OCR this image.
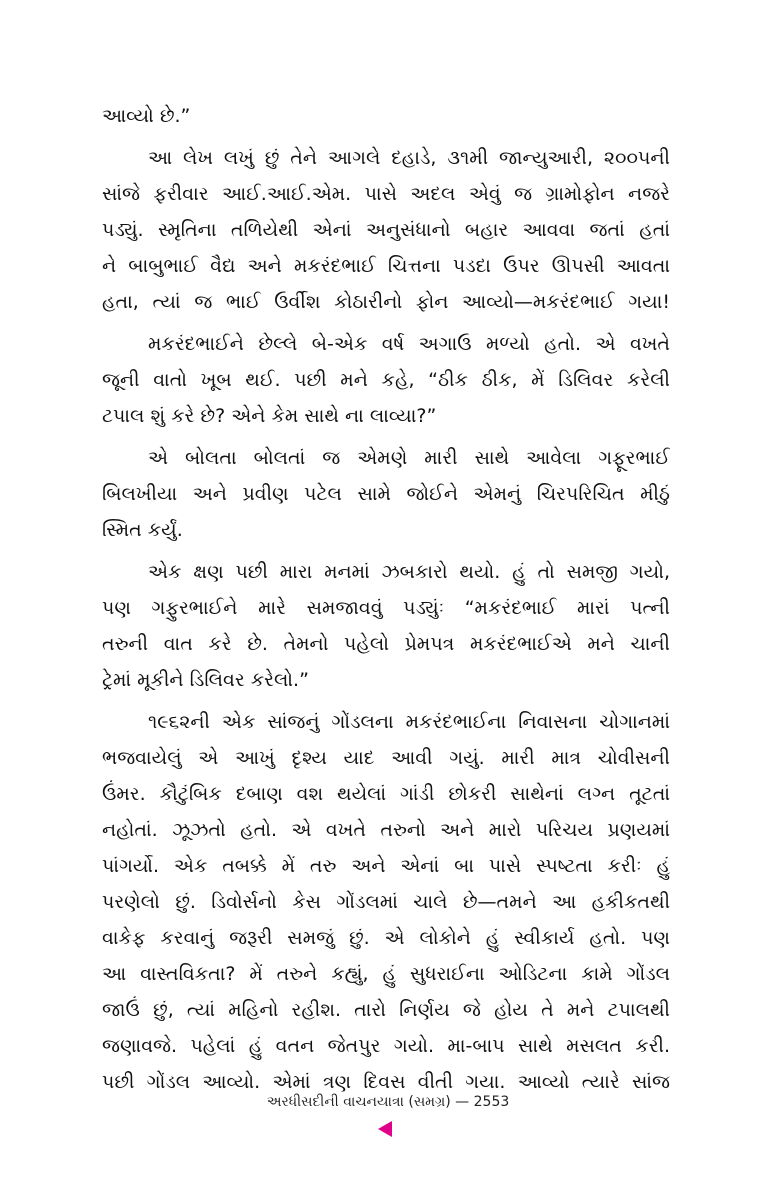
આવ્યો છે.”
આ લેખ લખું છું તેને આગલે દહાડે, ૩૧મી જાન્યુઆરી, ૨૦૦૫ની
સાંજે ફરીવાર આઈ.આઈ.એમ. પાસે અદલ એવું જ ગ્રામોફોન નજરે
પડ્યું. સ્મૃતિના તળિયેથી એનાં અનુસંધાનો બહાર આવવા જતાં હતાં
ને બાબુભાઈ વૈદ્ય અને મકરંદભાઈ ચિત્તના પડદા ઉપર ઊપસી આવતા
હતા, ત્યાં જ ભાઈ ઉર્વીશ કોઠારીનો ફોન આવ્યો—મકરંદભાઈ ગયા!
મકરંદભાઈને છેલ્લે બે-એક વર્ષ અગાઉ મળ્યો હતો. એ વખતે
જૂની વાતો ખૂબ થઈ. પછી મને કહે, “ઠીક ઠીક, મેં ડિલિવર કરેલી
ટપાલ શું કરે છે? એને કેમ સાથે ના લાવ્યા?”
એ બોલતા બોલતાં જ એમણે મારી સાથે આવેલા ગફૂરભાઈ
બિલખીયા અને પ્રવીણ પટેલ સામે જોઈને એમનું ચિરપરિચિત મીઠું
સ્મિત કર્યું.
એક ક્ષણ પછી મારા મનમાં ઝબકારો થયો. હું તો સમજી ગયો,
પણ ગફુરભાઈને મારે સમજાવવું પડ્યુંઃ “મકરંદભાઈ મારાં પત્ની
તરુની વાત કરે છે. તેમનો પહેલો પ્રેમપત્ર મકરંદભાઈએ મને ચાની
ટ્રેમાં મૂકીને ડિલિવર કરેલો.”
૧૯૬૨ની એક સાંજનું ગોંડલના મકરંદભાઈના નિવાસના ચોગાનમાં
ભજવાયેલું એ આખું દૃશ્ય યાદ આવી ગયું. મારી માત્ર ચોવીસની
ઉંમર. કૌટુંબિક દબાણ વશ થયેલાં ગાંડી છોકરી સાથેનાં લગ્ન તૂટતાં
નહોતાં. ઝૂઝતો હતો. એ વખતે તરુનો અને મારો પરિચય પ્રણયમાં
પાંગર્યો. એક તબક્કે મેં તરુ અને એનાં બા પાસે સ્પષ્ટતા કરીઃ હું
પરણેલો છું. ડિવોર્સનો કેસ ગોંડલમાં ચાલે છે—તમને આ હકીકતથી
વાકેફ કરવાનું જરૂરી સમજું છું. એ લોકોને હું સ્વીકાર્ય હતો. પણ
આ વાસ્તવિકતા? મેં તરુને કહ્યું, હું સુધરાઈના ઓડિટના કામે ગોંડલ
જાઉં છું, ત્યાં મહિનો રહીશ. તારો નિર્ણય જે હોય તે મને ટપાલથી
જણાવજે. પહેલાં હું વતન જેતપુર ગયો. મા-બાપ સાથે મસલત કરી.
પછી ગોંડલ આવ્યો. એમાં ત્રણ દિવસ વીતી ગયા. આવ્યો ત્યારે સાંજ
અરધીસદીની વાચનયાત્રા (સમગ્ર) — 2553
